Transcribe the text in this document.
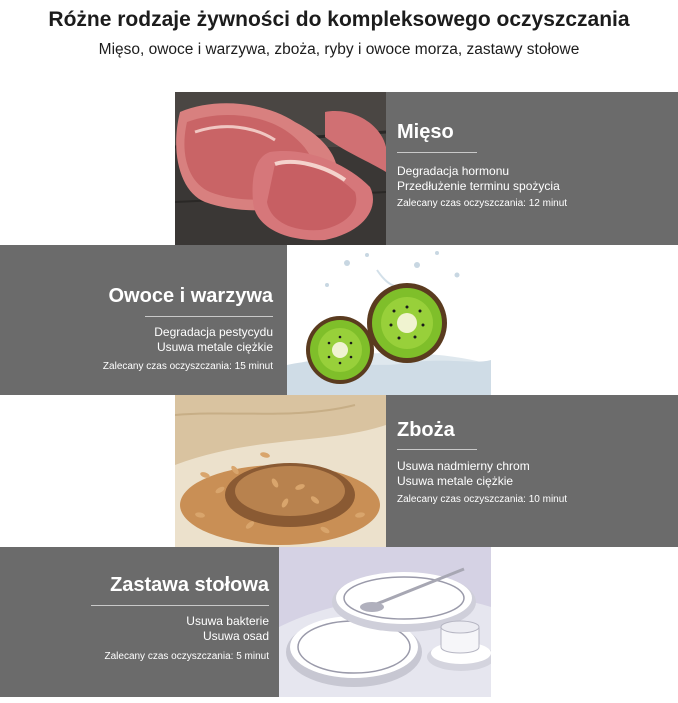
Różne rodzaje żywności do kompleksowego oczyszczania
Mięso, owoce i warzywa, zboża, ryby i owoce morza, zastawy stołowe
Mięso
Degradacja hormonu
Przedłużenie terminu spożycia
Zalecany czas oczyszczania: 12 minut
Owoce i warzywa
Degradacja pestycydu
Usuwa metale ciężkie
Zalecany czas oczyszczania: 15 minut
Zboża
Usuwa nadmierny chrom
Usuwa metale ciężkie
Zalecany czas oczyszczania: 10 minut
Zastawa stołowa
Usuwa bakterie
Usuwa osad
Zalecany czas oczyszczania: 5 minut
